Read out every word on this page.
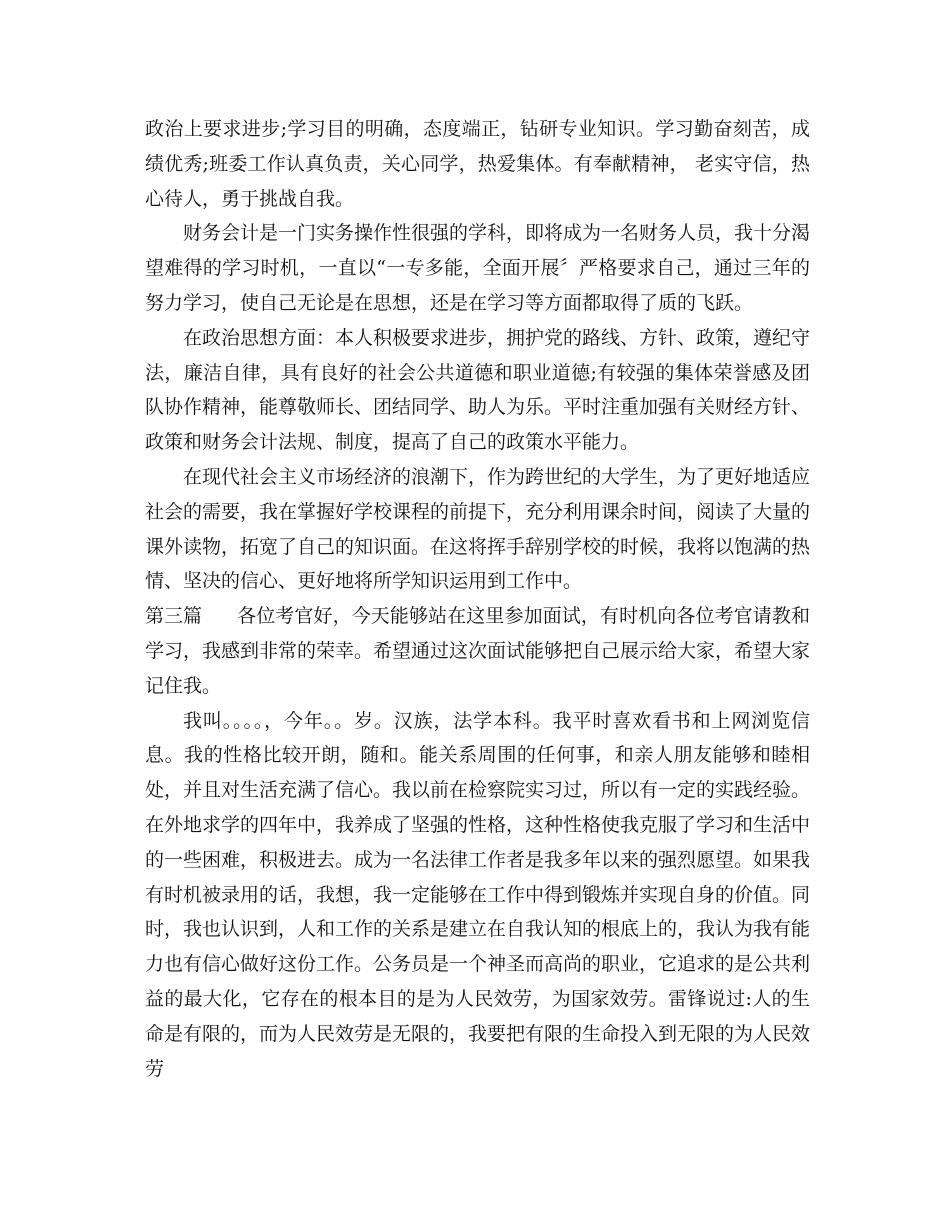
政治上要求进步;学习目的明确，态度端正，钻研专业知识。学习勤奋刻苦，成绩优秀;班委工作认真负责，关心同学，热爱集体。有奉献精神， 老实守信，热心待人，勇于挑战自我。

财务会计是一门实务操作性很强的学科，即将成为一名财务人员，我十分渴望难得的学习时机，一直以“一专多能，全面开展〞严格要求自己，通过三年的努力学习，使自己无论是在思想，还是在学习等方面都取得了质的飞跃。

在政治思想方面：本人积极要求进步，拥护党的路线、方针、政策，遵纪守法，廉洁自律，具有良好的社会公共道德和职业道德;有较强的集体荣誉感及团队协作精神，能尊敬师长、团结同学、助人为乐。平时注重加强有关财经方针、政策和财务会计法规、制度，提高了自己的政策水平能力。

在现代社会主义市场经济的浪潮下，作为跨世纪的大学生，为了更好地适应社会的需要，我在掌握好学校课程的前提下，充分利用课余时间，阅读了大量的课外读物，拓宽了自己的知识面。在这将挥手辞别学校的时候，我将以饱满的热情、坚决的信心、更好地将所学知识运用到工作中。

第三篇 各位考官好，今天能够站在这里参加面试，有时机向各位考官请教和学习，我感到非常的荣幸。希望通过这次面试能够把自己展示给大家，希望大家记住我。

我叫。。。。，今年。。岁。汉族，法学本科。我平时喜欢看书和上网浏览信息。我的性格比较开朗，随和。能关系周围的任何事，和亲人朋友能够和睦相处，并且对生活充满了信心。我以前在检察院实习过，所以有一定的实践经验。在外地求学的四年中，我养成了坚强的性格，这种性格使我克服了学习和生活中的一些困难，积极进去。成为一名法律工作者是我多年以来的强烈愿望。如果我有时机被录用的话，我想，我一定能够在工作中得到锻炼并实现自身的价值。同时，我也认识到，人和工作的关系是建立在自我认知的根底上的，我认为我有能力也有信心做好这份工作。公务员是一个神圣而高尚的职业，它追求的是公共利益的最大化，它存在的根本目的是为人民效劳，为国家效劳。雷锋说过:人的生命是有限的，而为人民效劳是无限的，我要把有限的生命投入到无限的为人民效劳
